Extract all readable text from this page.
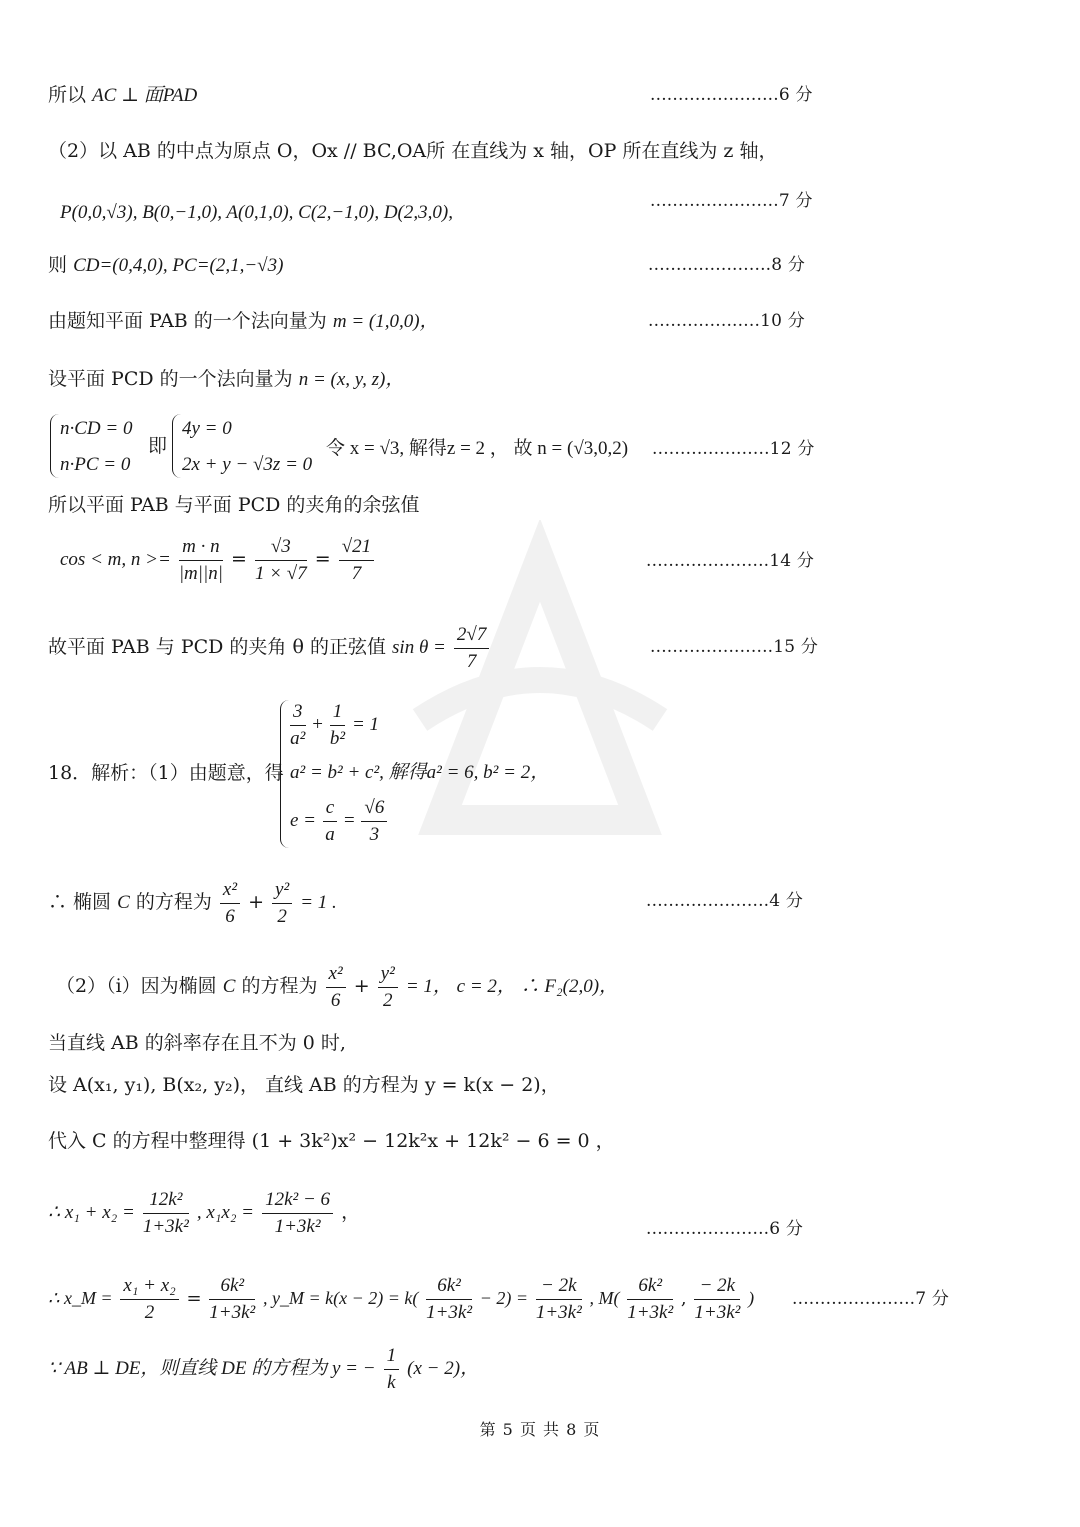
所以 AC ⊥ 面PAD	.......................6 分
（2）以 AB 的中点为原点 O，Ox // BC,OA所 在直线为 x 轴，OP 所在直线为 z 轴，
P(0,0,√3), B(0,−1,0), A(0,1,0), C(2,−1,0), D(2,3,0),
.......................7 分
则 CD=(0,4,0), PC=(2,1,−√3)	......................8 分
由题知平面 PAB 的一个法向量为 m = (1,0,0)，	....................10 分
设平面 PCD 的一个法向量为 n = (x, y, z)，
n·CD = 0
n·PC = 0
即
4y = 0
2x + y − √3z = 0
令 x = √3, 解得z = 2 ， 故 n = (√3,0,2) .....................12 分
所以平面 PAB 与平面 PCD 的夹角的余弦值
cos < m, $n >= \frac{m \cdot n}{|m||n|} = \frac{√3}{1 \times √7} = \frac{√21}{7}$	......................14 分
故平面 PAB 与 PCD 的夹角 θ 的正弦值 $\sin \theta = \frac{2√7}{7}$	......................15 分
18．解析：（1）由题意，得
$\frac{3}{\text{a²}} + \frac{1}{\text{b²}} = 1$
a² = b² + c², 解得a² = 6, b² = 2，
$e = \frac{c}{a} = \frac{√6}{3}$
∴ 椭圆 C 的方程为 $\frac{\text{x²}}{6} + \frac{\text{y²}}{2} = 1$ .	......................4 分
（2）（i）因为椭圆 C 的方程为 $\frac{\text{x²}}{6} + \frac{\text{y²}}{2} = 1$， c = 2， ∴ F₂(2,0)，
当直线 AB 的斜率存在且不为 0 时,
设 A(x₁, y₁), B(x₂, y₂)， 直线 AB 的方程为 y = k(x − 2)，
代入 C 的方程中整理得 (1 + 3k²)x² − 12k²x + 12k² − 6 = 0 ，
∴ $x_1 + x_2 = \frac{\text{12k²}}{\text{1+3k²}}$ , $x_1x_2 = \frac{\text{12k² − 6}}{\text{1+3k²}}$ ，
......................6 分
∴ x_M = $\frac{\text{x₁ + x₂}}{2} = \frac{\text{6k²}}{\text{1+3k²}}$ , y_M = $k(x - 2) = k( \frac{\text{6k²}}{\text{1+3k²}} - 2) = \frac{- 2k}{\text{1+3k²}}$ , $M( \frac{\text{6k²}}{\text{1+3k²}}$ , $\frac{- 2k}{\text{1+3k²}}$ ) ......................7 分
∵ AB ⊥ DE，则直线 DE 的方程为 y = − $\frac{1}{k} (x - 2)$，
第 5 页 共 8 页
